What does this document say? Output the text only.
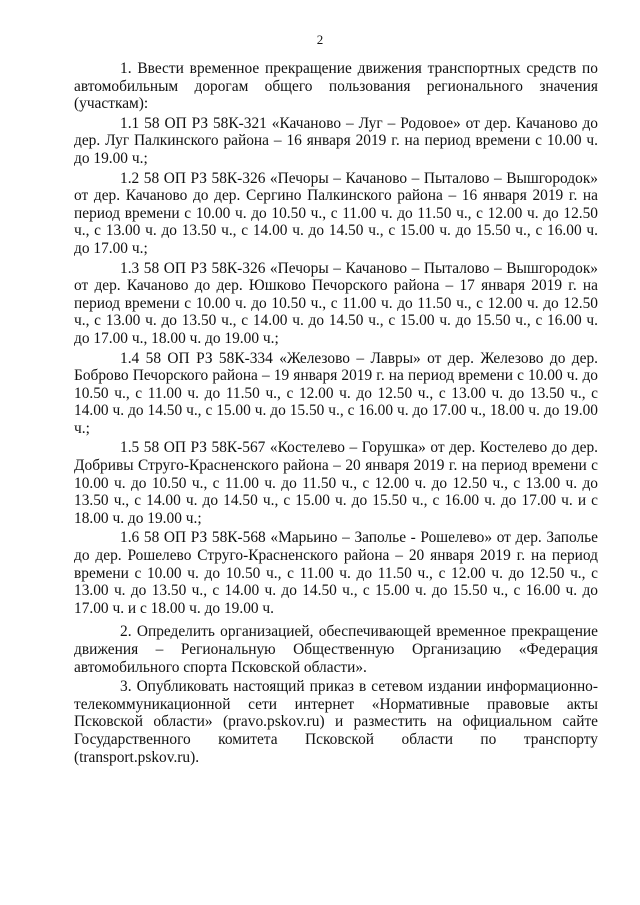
2

1. Ввести временное прекращение движения транспортных средств по автомобильным дорогам общего пользования регионального значения (участкам):

1.1 58 ОП РЗ 58К-321 «Качаново – Луг – Родовое» от дер. Качаново до дер. Луг Палкинского района – 16 января 2019 г. на период времени с 10.00 ч. до 19.00 ч.;

1.2 58 ОП РЗ 58К-326 «Печоры – Качаново – Пыталово – Вышгородок» от дер. Качаново до дер. Сергино Палкинского района – 16 января 2019 г. на период времени с 10.00 ч. до 10.50 ч., с 11.00 ч. до 11.50 ч., с 12.00 ч. до 12.50 ч., с 13.00 ч. до 13.50 ч., с 14.00 ч. до 14.50 ч., с 15.00 ч. до 15.50 ч., с 16.00 ч. до 17.00 ч.;

1.3 58 ОП РЗ 58К-326 «Печоры – Качаново – Пыталово – Вышгородок» от дер. Качаново до дер. Юшково Печорского района – 17 января 2019 г. на период времени с 10.00 ч. до 10.50 ч., с 11.00 ч. до 11.50 ч., с 12.00 ч. до 12.50 ч., с 13.00 ч. до 13.50 ч., с 14.00 ч. до 14.50 ч., с 15.00 ч. до 15.50 ч., с 16.00 ч. до 17.00 ч., 18.00 ч. до 19.00 ч.;

1.4 58 ОП РЗ 58К-334 «Железово – Лавры» от дер. Железово до дер. Боброво Печорского района – 19 января 2019 г. на период времени с 10.00 ч. до 10.50 ч., с 11.00 ч. до 11.50 ч., с 12.00 ч. до 12.50 ч., с 13.00 ч. до 13.50 ч., с 14.00 ч. до 14.50 ч., с 15.00 ч. до 15.50 ч., с 16.00 ч. до 17.00 ч., 18.00 ч. до 19.00 ч.;

1.5 58 ОП РЗ 58К-567 «Костелево – Горушка» от дер. Костелево до дер. Добривы Струго-Красненского района – 20 января 2019 г. на период времени с 10.00 ч. до 10.50 ч., с 11.00 ч. до 11.50 ч., с 12.00 ч. до 12.50 ч., с 13.00 ч. до 13.50 ч., с 14.00 ч. до 14.50 ч., с 15.00 ч. до 15.50 ч., с 16.00 ч. до 17.00 ч. и с 18.00 ч. до 19.00 ч.;

1.6 58 ОП РЗ 58К-568 «Марьино – Заполье - Рошелево» от дер. Заполье до дер. Рошелево Струго-Красненского района – 20 января 2019 г. на период времени с 10.00 ч. до 10.50 ч., с 11.00 ч. до 11.50 ч., с 12.00 ч. до 12.50 ч., с 13.00 ч. до 13.50 ч., с 14.00 ч. до 14.50 ч., с 15.00 ч. до 15.50 ч., с 16.00 ч. до 17.00 ч. и с 18.00 ч. до 19.00 ч.

2. Определить организацией, обеспечивающей временное прекращение движения – Региональную Общественную Организацию «Федерация автомобильного спорта Псковской области».

3. Опубликовать настоящий приказ в сетевом издании информационно-телекоммуникационной сети интернет «Нормативные правовые акты Псковской области» (pravo.pskov.ru) и разместить на официальном сайте Государственного комитета Псковской области по транспорту (transport.pskov.ru).
